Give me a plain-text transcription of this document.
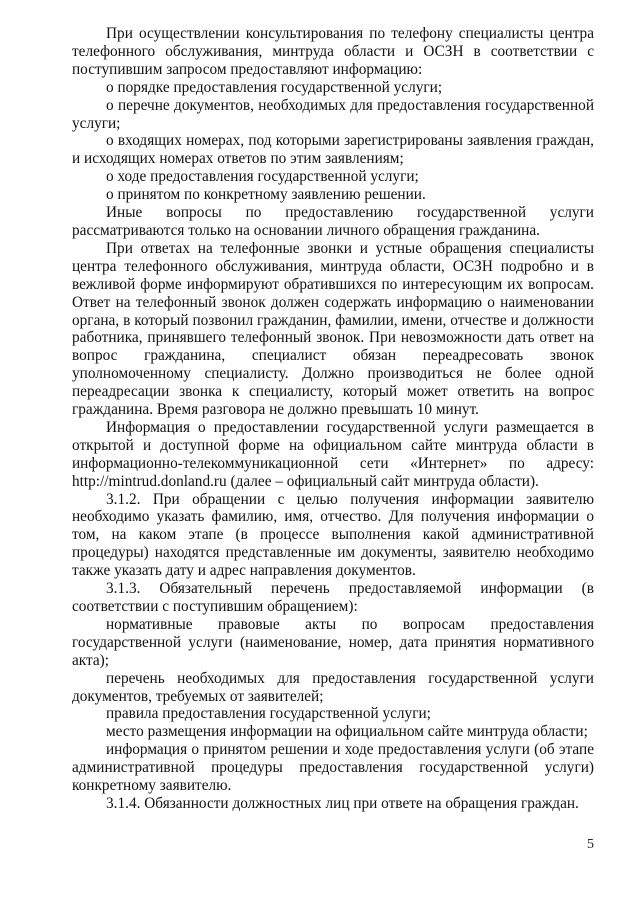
При осуществлении консультирования по телефону специалисты центра телефонного обслуживания, минтруда области и ОСЗН в соответствии с поступившим запросом предоставляют информацию:

о порядке предоставления государственной услуги;

о перечне документов, необходимых для предоставления государственной услуги;

о входящих номерах, под которыми зарегистрированы заявления граждан, и исходящих номерах ответов по этим заявлениям;

о ходе предоставления государственной услуги;

о принятом по конкретному заявлению решении.

Иные вопросы по предоставлению государственной услуги рассматриваются только на основании личного обращения гражданина.

При ответах на телефонные звонки и устные обращения специалисты центра телефонного обслуживания, минтруда области, ОСЗН подробно и в вежливой форме информируют обратившихся по интересующим их вопросам. Ответ на телефонный звонок должен содержать информацию о наименовании органа, в который позвонил гражданин, фамилии, имени, отчестве и должности работника, принявшего телефонный звонок. При невозможности дать ответ на вопрос гражданина, специалист обязан переадресовать звонок уполномоченному специалисту. Должно производиться не более одной переадресации звонка к специалисту, который может ответить на вопрос гражданина. Время разговора не должно превышать 10 минут.

Информация о предоставлении государственной услуги размещается в открытой и доступной форме на официальном сайте минтруда области в информационно-телекоммуникационной сети «Интернет» по адресу: http://mintrud.donland.ru (далее – официальный сайт минтруда области).

3.1.2. При обращении с целью получения информации заявителю необходимо указать фамилию, имя, отчество. Для получения информации о том, на каком этапе (в процессе выполнения какой административной процедуры) находятся представленные им документы, заявителю необходимо также указать дату и адрес направления документов.

3.1.3. Обязательный перечень предоставляемой информации (в соответствии с поступившим обращением):

нормативные правовые акты по вопросам предоставления государственной услуги (наименование, номер, дата принятия нормативного акта);

перечень необходимых для предоставления государственной услуги документов, требуемых от заявителей;

правила предоставления государственной услуги;

место размещения информации на официальном сайте минтруда области;

информация о принятом решении и ходе предоставления услуги (об этапе административной процедуры предоставления государственной услуги) конкретному заявителю.

3.1.4. Обязанности должностных лиц при ответе на обращения граждан.

5
